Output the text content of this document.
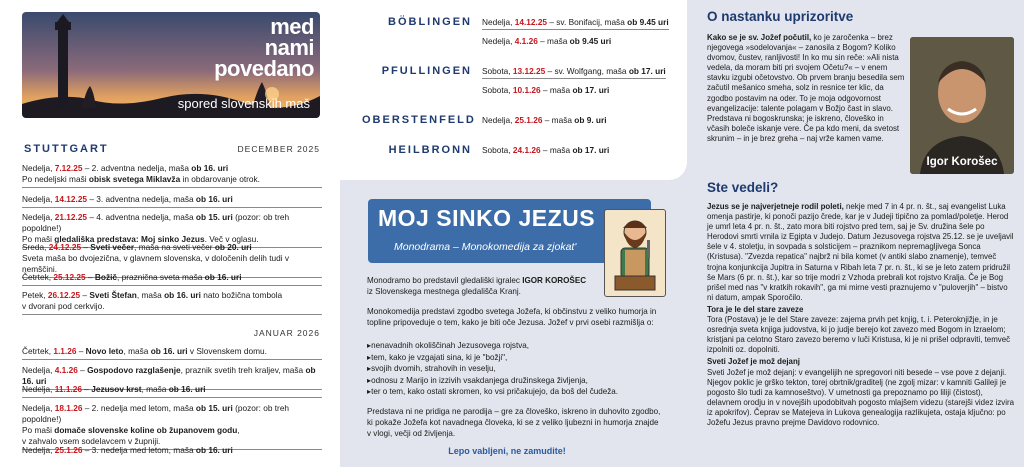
med
nami
povedano
spored slovenskih maš
STUTTGART	DECEMBER 2025
Nedelja, 7.12.25 – 2. adventna nedelja, maša ob 16. uri
Po nedeljski maši obisk svetega Miklavža in obdarovanje otrok.
Nedelja, 14.12.25 – 3. adventna nedelja, maša ob 16. uri
Nedelja, 21.12.25 – 4. adventna nedelja, maša ob 15. uri (pozor: ob treh popoldne!)
Po maši gledališka predstava: Moj sinko Jezus. Več v oglasu.
Sreda, 24.12.25 – Sveti večer, maša na sveti večer ob 20. uri
Sveta maša bo dvojezična, v glavnem slovenska, v določenih delih tudi v nemščini.
Četrtek, 25.12.25 – Božič, praznična sveta maša ob 16. uri
Petek, 26.12.25 – Sveti Štefan, maša ob 16. uri nato božična tombola
v dvorani pod cerkvijo.
JANUAR 2026
Četrtek, 1.1.26 – Novo leto, maša ob 16. uri v Slovenskem domu.
Nedelja, 4.1.26 – Gospodovo razglašenje, praznik svetih treh kraljev, maša ob 16. uri
Nedelja, 11.1.26 – Jezusov krst, maša ob 16. uri
Nedelja, 18.1.26 – 2. nedelja med letom, maša ob 15. uri (pozor: ob treh popoldne!)
Po maši domače slovenske koline ob županovem godu,
v zahvalo vsem sodelavcem v župniji.
Nedelja, 25.1.26 – 3. nedelja med letom, maša ob 16. uri
BÖBLINGEN Nedelja, 14.12.25 – sv. Bonifacij, maša ob 9.45 uri
Nedelja, 4.1.26 – maša ob 9.45 uri
PFULLINGEN Sobota, 13.12.25 – sv. Wolfgang, maša ob 17. uri
Sobota, 10.1.26 – maša ob 17. uri
OBERSTENFELD Nedelja, 25.1.26 – maša ob 9. uri
HEILBRONN Sobota, 24.1.26 – maša ob 17. uri
MOJ SINKO JEZUS
Monodrama – Monokomedija za zjokat'
Monodramo bo predstavil gledališki igralec IGOR KOROŠEC
iz Slovenskega mestnega gledališča Kranj.
Monokomedija predstavi zgodbo svetega Jožefa, ki občinstvu z veliko humorja in topline pripoveduje o tem, kako je biti oče Jezusa. Jožef v prvi osebi razmišlja o:
▸ nenavadnih okoliščinah Jezusovega rojstva,
▸ tem, kako je vzgajati sina, ki je "božji",
▸ svojih dvomih, strahovih in veselju,
▸ odnosu z Marijo in izzivih vsakdanjega družinskega življenja,
▸ ter o tem, kako ostati skromen, ko vsi pričakujejo, da boš del čudeža.
Predstava ni ne pridiga ne parodija – gre za človeško, iskreno in duhovito zgodbo, ki pokaže Jožefa kot navadnega človeka, ki se z veliko ljubezni in humorja znajde v vlogi, večji od življenja.
Lepo vabljeni, ne zamudite!
O nastanku uprizoritve
Kako se je sv. Jožef počutil, ko je zaročenka – brez njegovega »sodelovanja« – zanosila z Bogom? Koliko dvomov, čustev, ranljivosti! In ko mu sin reče: »Ali nista vedela, da moram biti pri svojem Očetu?« – v enem stavku izgubi očetovstvo. Ob prvem branju besedila sem začutil mešanico smeha, solz in resnice ter klic, da zgodbo postavim na oder. To je moja odgovornost evangelizacije: talente polagam v Božjo čast in slavo. Predstava ni bogoskrunska; je iskreno, človeško in včasih boleče iskanje vere. Če pa kdo meni, da svetost skrunim – in je brez greha – naj vrže kamen vame.
Igor Korošec
Ste vedeli?

Jezus se je najverjetneje rodil poleti, nekje med 7 in 4 pr. n. št., saj evangelist Luka omenja pastirje, ki ponoči pazijo črede, kar je v Judeji tipično za pomlad/poletje. Herod je umrl leta 4 pr. n. št., zato mora biti rojstvo pred tem, saj je Sv. družina šele po Herodovi smrti vrnila iz Egipta v Judejo. Datum Jezusovega rojstva 25.12. se je uveljavil šele v 4. stoletju, in sovpada s solsticijem – praznikom nepremagljivega Sonca (Kristusa). "Zvezda repatica" najbrž ni bila komet (v antiki slabo znamenje), temveč trojna konjunkcija Jupitra in Saturna v Ribah leta 7 pr. n. št., ki se je leto zatem pridružil še Mars (6 pr. n. št.), kar so trije modri z Vzhoda prebrali kot rojstvo Kralja. Če je Bog prišel med nas "v kratkih rokavih", ga mi mirne vesti praznujemo v "puloverjih" – bistvo ni datum, ampak Sporočilo.

Tora je le del stare zaveze
Tora (Postava) je le del Stare zaveze: zajema prvih pet knjig, t. i. Peteroknjižje, in je osrednja sveta knjiga judovstva, ki jo judje berejo kot zavezo med Bogom in Izraelom; kristjani pa celotno Staro zavezo beremo v luči Kristusa, ki je ni prišel odpraviti, temveč izpolniti oz. dopolniti.

Sveti Jožef je mož dejanj
Sveti Jožef je mož dejanj: v evangelijih ne spregovori niti besede – vse pove z dejanji. Njegov poklic je grško tekton, torej obrtnik/graditelj (ne zgolj mizar: v kamniti Galileji je pogosto šlo tudi za kamnoseštvo). V umetnosti ga prepoznamo po liliji (čistost), delavnem orodju in v novejših upodobitvah pogosto mlajšem videzu (starejši videz izvira iz apokrifov). Čeprav se Matejeva in Lukova genealogija razlikujeta, ostaja ključno: po Jožefu Jezus pravno prejme Davidovo rodovnico.
